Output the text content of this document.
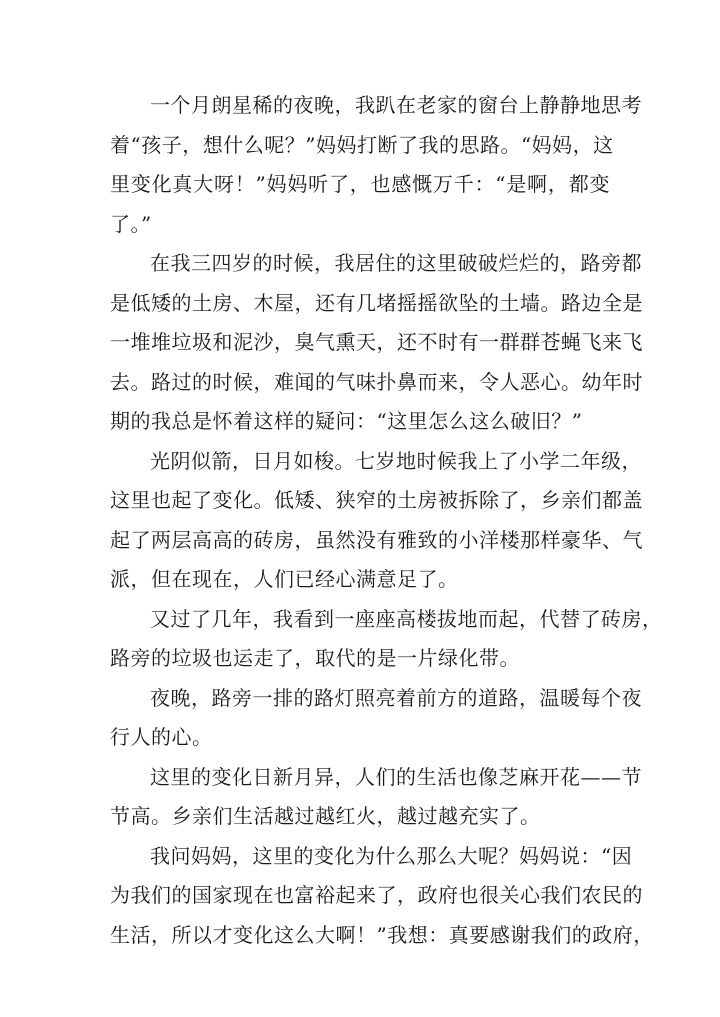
一个月朗星稀的夜晚，我趴在老家的窗台上静静地思考
着“孩子，想什么呢？”妈妈打断了我的思路。“妈妈，这
里变化真大呀！”妈妈听了，也感慨万千：“是啊，都变
了。”
在我三四岁的时候，我居住的这里破破烂烂的，路旁都
是低矮的土房、木屋，还有几堵摇摇欲坠的土墙。路边全是
一堆堆垃圾和泥沙，臭气熏天，还不时有一群群苍蝇飞来飞
去。路过的时候，难闻的气味扑鼻而来，令人恶心。幼年时
期的我总是怀着这样的疑问：“这里怎么这么破旧？”
光阴似箭，日月如梭。七岁地时候我上了小学二年级，
这里也起了变化。低矮、狭窄的土房被拆除了，乡亲们都盖
起了两层高高的砖房，虽然没有雅致的小洋楼那样豪华、气
派，但在现在，人们已经心满意足了。
又过了几年，我看到一座座高楼拔地而起，代替了砖房，
路旁的垃圾也运走了，取代的是一片绿化带。
夜晚，路旁一排的路灯照亮着前方的道路，温暖每个夜
行人的心。
这里的变化日新月异，人们的生活也像芝麻开花——节
节高。乡亲们生活越过越红火，越过越充实了。
我问妈妈，这里的变化为什么那么大呢？妈妈说：“因
为我们的国家现在也富裕起来了，政府也很关心我们农民的
生活，所以才变化这么大啊！”我想：真要感谢我们的政府，
